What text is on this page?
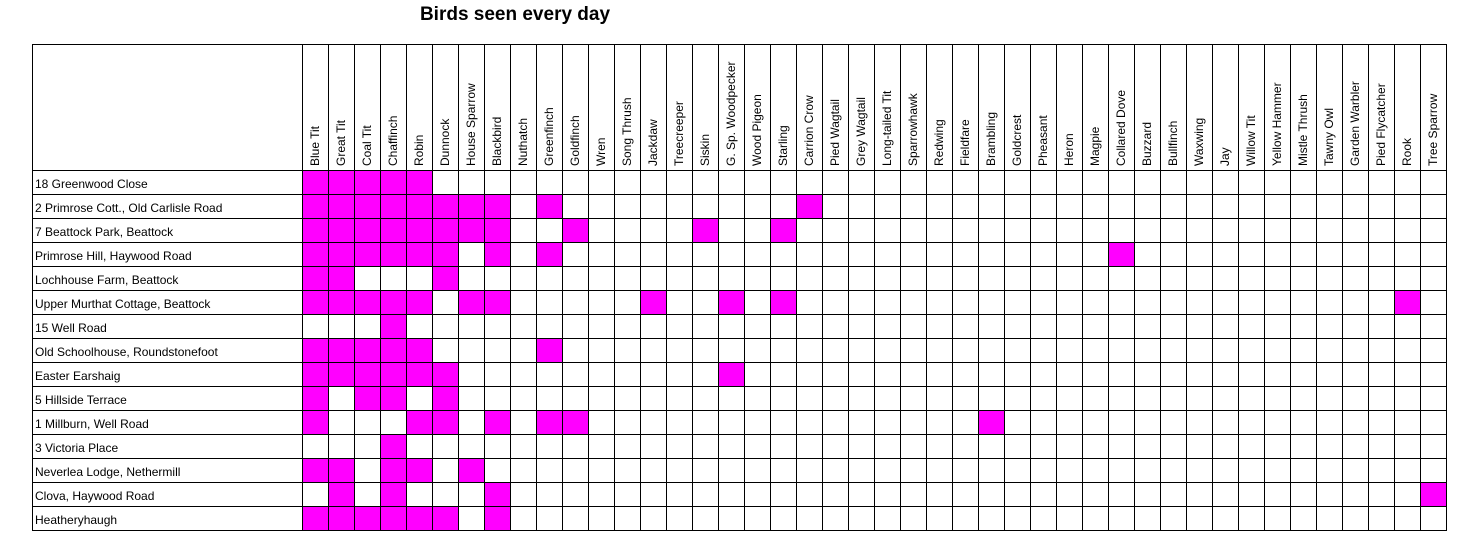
Birds seen every day
Blue Tit Great Tit Coal Tit Chaffinch Robin Dunnock House Sparrow Blackbird Nuthatch Greenfinch Goldfinch Wren Song Thrush Jackdaw Treecreeper Siskin G. Sp. Woodpecker Wood Pigeon Starling Carrion Crow Pied Wagtail Grey Wagtail Long-tailed Tit Sparrowhawk Redwing Fieldfare Brambling Goldcrest Pheasant Heron Magpie Collared Dove Buzzard Bullfinch Waxwing Jay Willow Tit Yellow Hammer Mistle Thrush Tawny Owl Garden Warbler Pied Flycatcher Rook Tree Sparrow
18 Greenwood Close
2 Primrose Cott., Old Carlisle Road
7 Beattock Park, Beattock
Primrose Hill, Haywood Road
Lochhouse Farm, Beattock
Upper Murthat Cottage, Beattock
15 Well Road
Old Schoolhouse, Roundstonefoot
Easter Earshaig
5 Hillside Terrace
1 Millburn, Well Road
3 Victoria Place
Neverlea Lodge, Nethermill
Clova, Haywood Road
Heatheryhaugh
